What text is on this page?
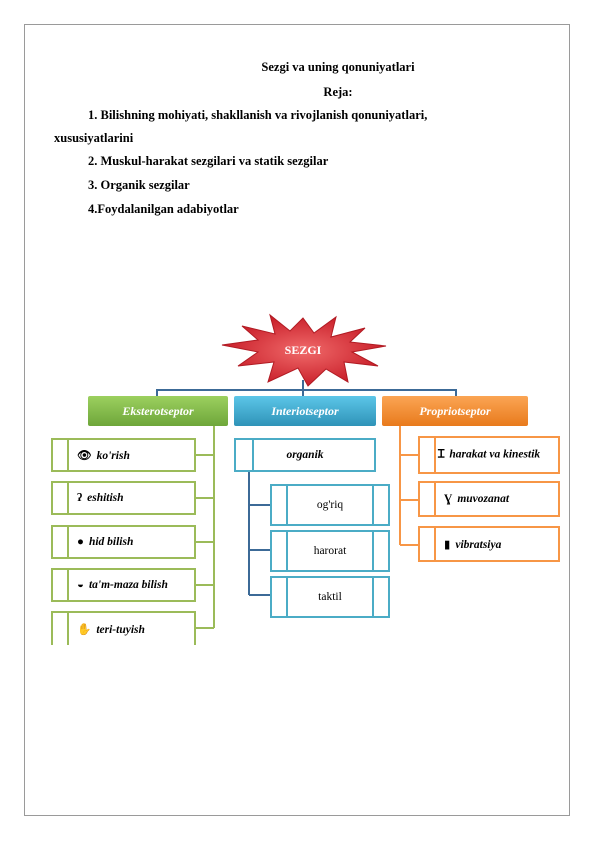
Sezgi va uning qonuniyatlari
Reja:
1. Bilishning mohiyati, shakllanish va rivojlanish qonuniyatlari,
xususiyatlarini
2. Muskul-harakat sezgilari va statik sezgilar
3. Organik sezgilar
4.Foydalanilgan adabiyotlar
SEZGI
Eksterotseptor	Interiotseptor	Propriotseptor
👁 ko'rish
ʔ eshitish
● hid bilish
◒ ta'm-maza bilish
✋ teri-tuyish
organik
og'riq
harorat
taktil
Ɪ harakat va kinestik
Ɣ muvozanat
▮ vibratsiya
